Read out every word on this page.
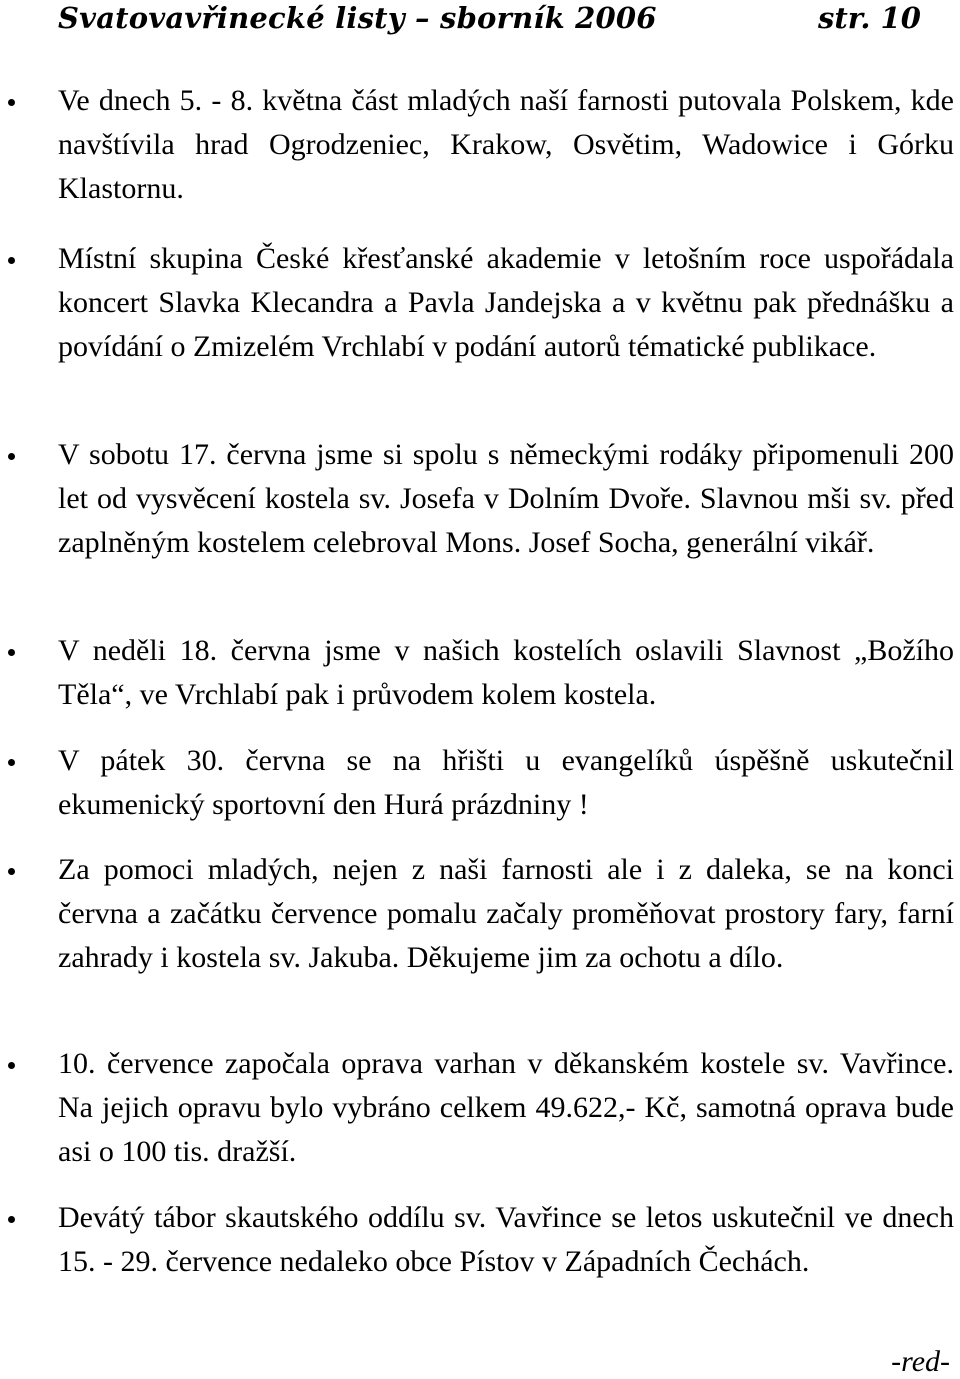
Svatovavřinecké listy – sborník 2006	str. 10

Ve dnech 5. - 8. května část mladých naší farnosti putovala Polskem, kde navštívila hrad Ogrodzeniec, Krakow, Osvětim, Wadowice i Górku Klastornu.

Místní skupina České křesťanské akademie v letošním roce uspořádala koncert Slavka Klecandra a Pavla Jandejska a v květnu pak přednášku a povídání o Zmizelém Vrchlabí v podání autorů tématické publikace.

V sobotu 17. června jsme si spolu s německými rodáky připomenuli 200 let od vysvěcení kostela sv. Josefa v Dolním Dvoře. Slavnou mši sv. před zaplněným kostelem celebroval Mons. Josef Socha, generální vikář.

V neděli 18. června jsme v našich kostelích oslavili Slavnost „Božího Těla“, ve Vrchlabí pak i průvodem kolem kostela.

V pátek 30. června se na hřišti u evangelíků úspěšně uskutečnil ekumenický sportovní den Hurá prázdniny !

Za pomoci mladých, nejen z naši farnosti ale i z daleka, se na konci června a začátku července pomalu začaly proměňovat prostory fary, farní zahrady i kostela sv. Jakuba. Děkujeme jim za ochotu a dílo.

10. července započala oprava varhan v děkanském kostele sv. Vavřince. Na jejich opravu bylo vybráno celkem 49.622,- Kč, samotná oprava bude asi o 100 tis. dražší.

Devátý tábor skautského oddílu sv. Vavřince se letos uskutečnil ve dnech 15. - 29. července nedaleko obce Pístov v Západních Čechách.

-red-
